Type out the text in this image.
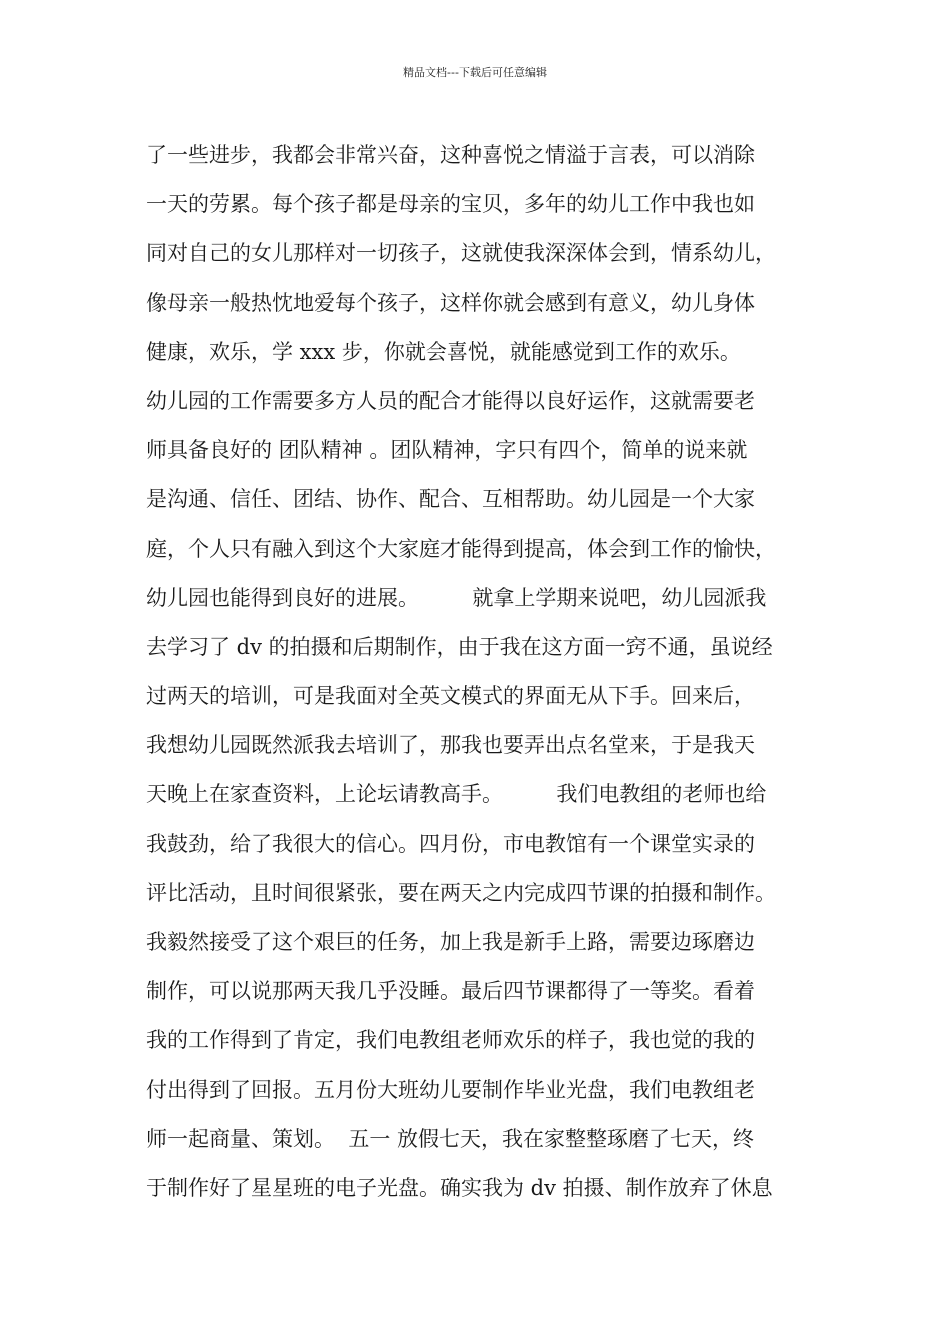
精品文档---下载后可任意编辑
了一些进步，我都会非常兴奋，这种喜悦之情溢于言表，可以消除
一天的劳累。每个孩子都是母亲的宝贝，多年的幼儿工作中我也如
同对自己的女儿那样对一切孩子，这就使我深深体会到，情系幼儿，
像母亲一般热忱地爱每个孩子，这样你就会感到有意义，幼儿身体
健康，欢乐，学 xxx 步，你就会喜悦，就能感觉到工作的欢乐。
幼儿园的工作需要多方人员的配合才能得以良好运作，这就需要老
师具备良好的 团队精神 。团队精神，字只有四个，简单的说来就
是沟通、信任、团结、协作、配合、互相帮助。幼儿园是一个大家
庭，个人只有融入到这个大家庭才能得到提高，体会到工作的愉快，
幼儿园也能得到良好的进展。        就拿上学期来说吧，幼儿园派我
去学习了 dv 的拍摄和后期制作，由于我在这方面一窍不通，虽说经
过两天的培训，可是我面对全英文模式的界面无从下手。回来后，
我想幼儿园既然派我去培训了，那我也要弄出点名堂来，于是我天
天晚上在家查资料，上论坛请教高手。        我们电教组的老师也给
我鼓劲，给了我很大的信心。四月份，市电教馆有一个课堂实录的
评比活动，且时间很紧张，要在两天之内完成四节课的拍摄和制作。
我毅然接受了这个艰巨的任务，加上我是新手上路，需要边琢磨边
制作，可以说那两天我几乎没睡。最后四节课都得了一等奖。看着
我的工作得到了肯定，我们电教组老师欢乐的样子，我也觉的我的
付出得到了回报。五月份大班幼儿要制作毕业光盘，我们电教组老
师一起商量、策划。  五一 放假七天，我在家整整琢磨了七天，终
于制作好了星星班的电子光盘。确实我为 dv 拍摄、制作放弃了休息
